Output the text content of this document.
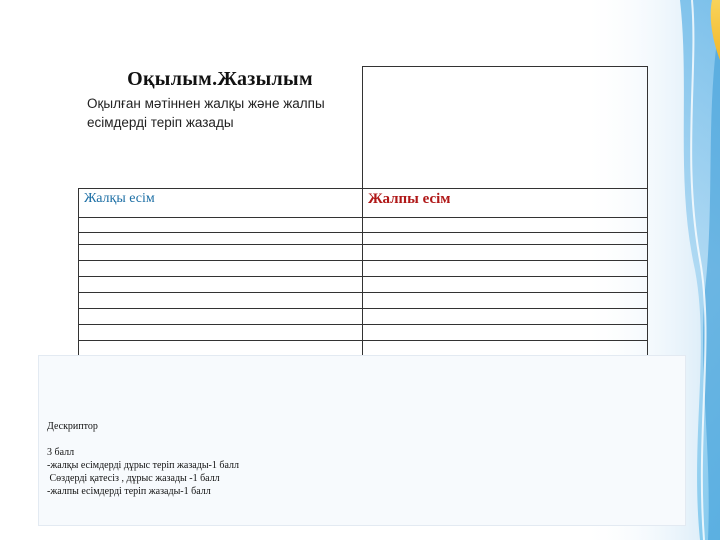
Оқылым.Жазылым
Оқылған мәтіннен жалқы және жалпы
есімдерді теріп жазады
Жалқы есім	Жалпы есім
Дескриптор
3 балл
-жалқы есімдерді дұрыс теріп жазады-1 балл
Сөздерді қатесіз , дұрыс жазады -1 балл
-жалпы есімдерді теріп жазады-1 балл
